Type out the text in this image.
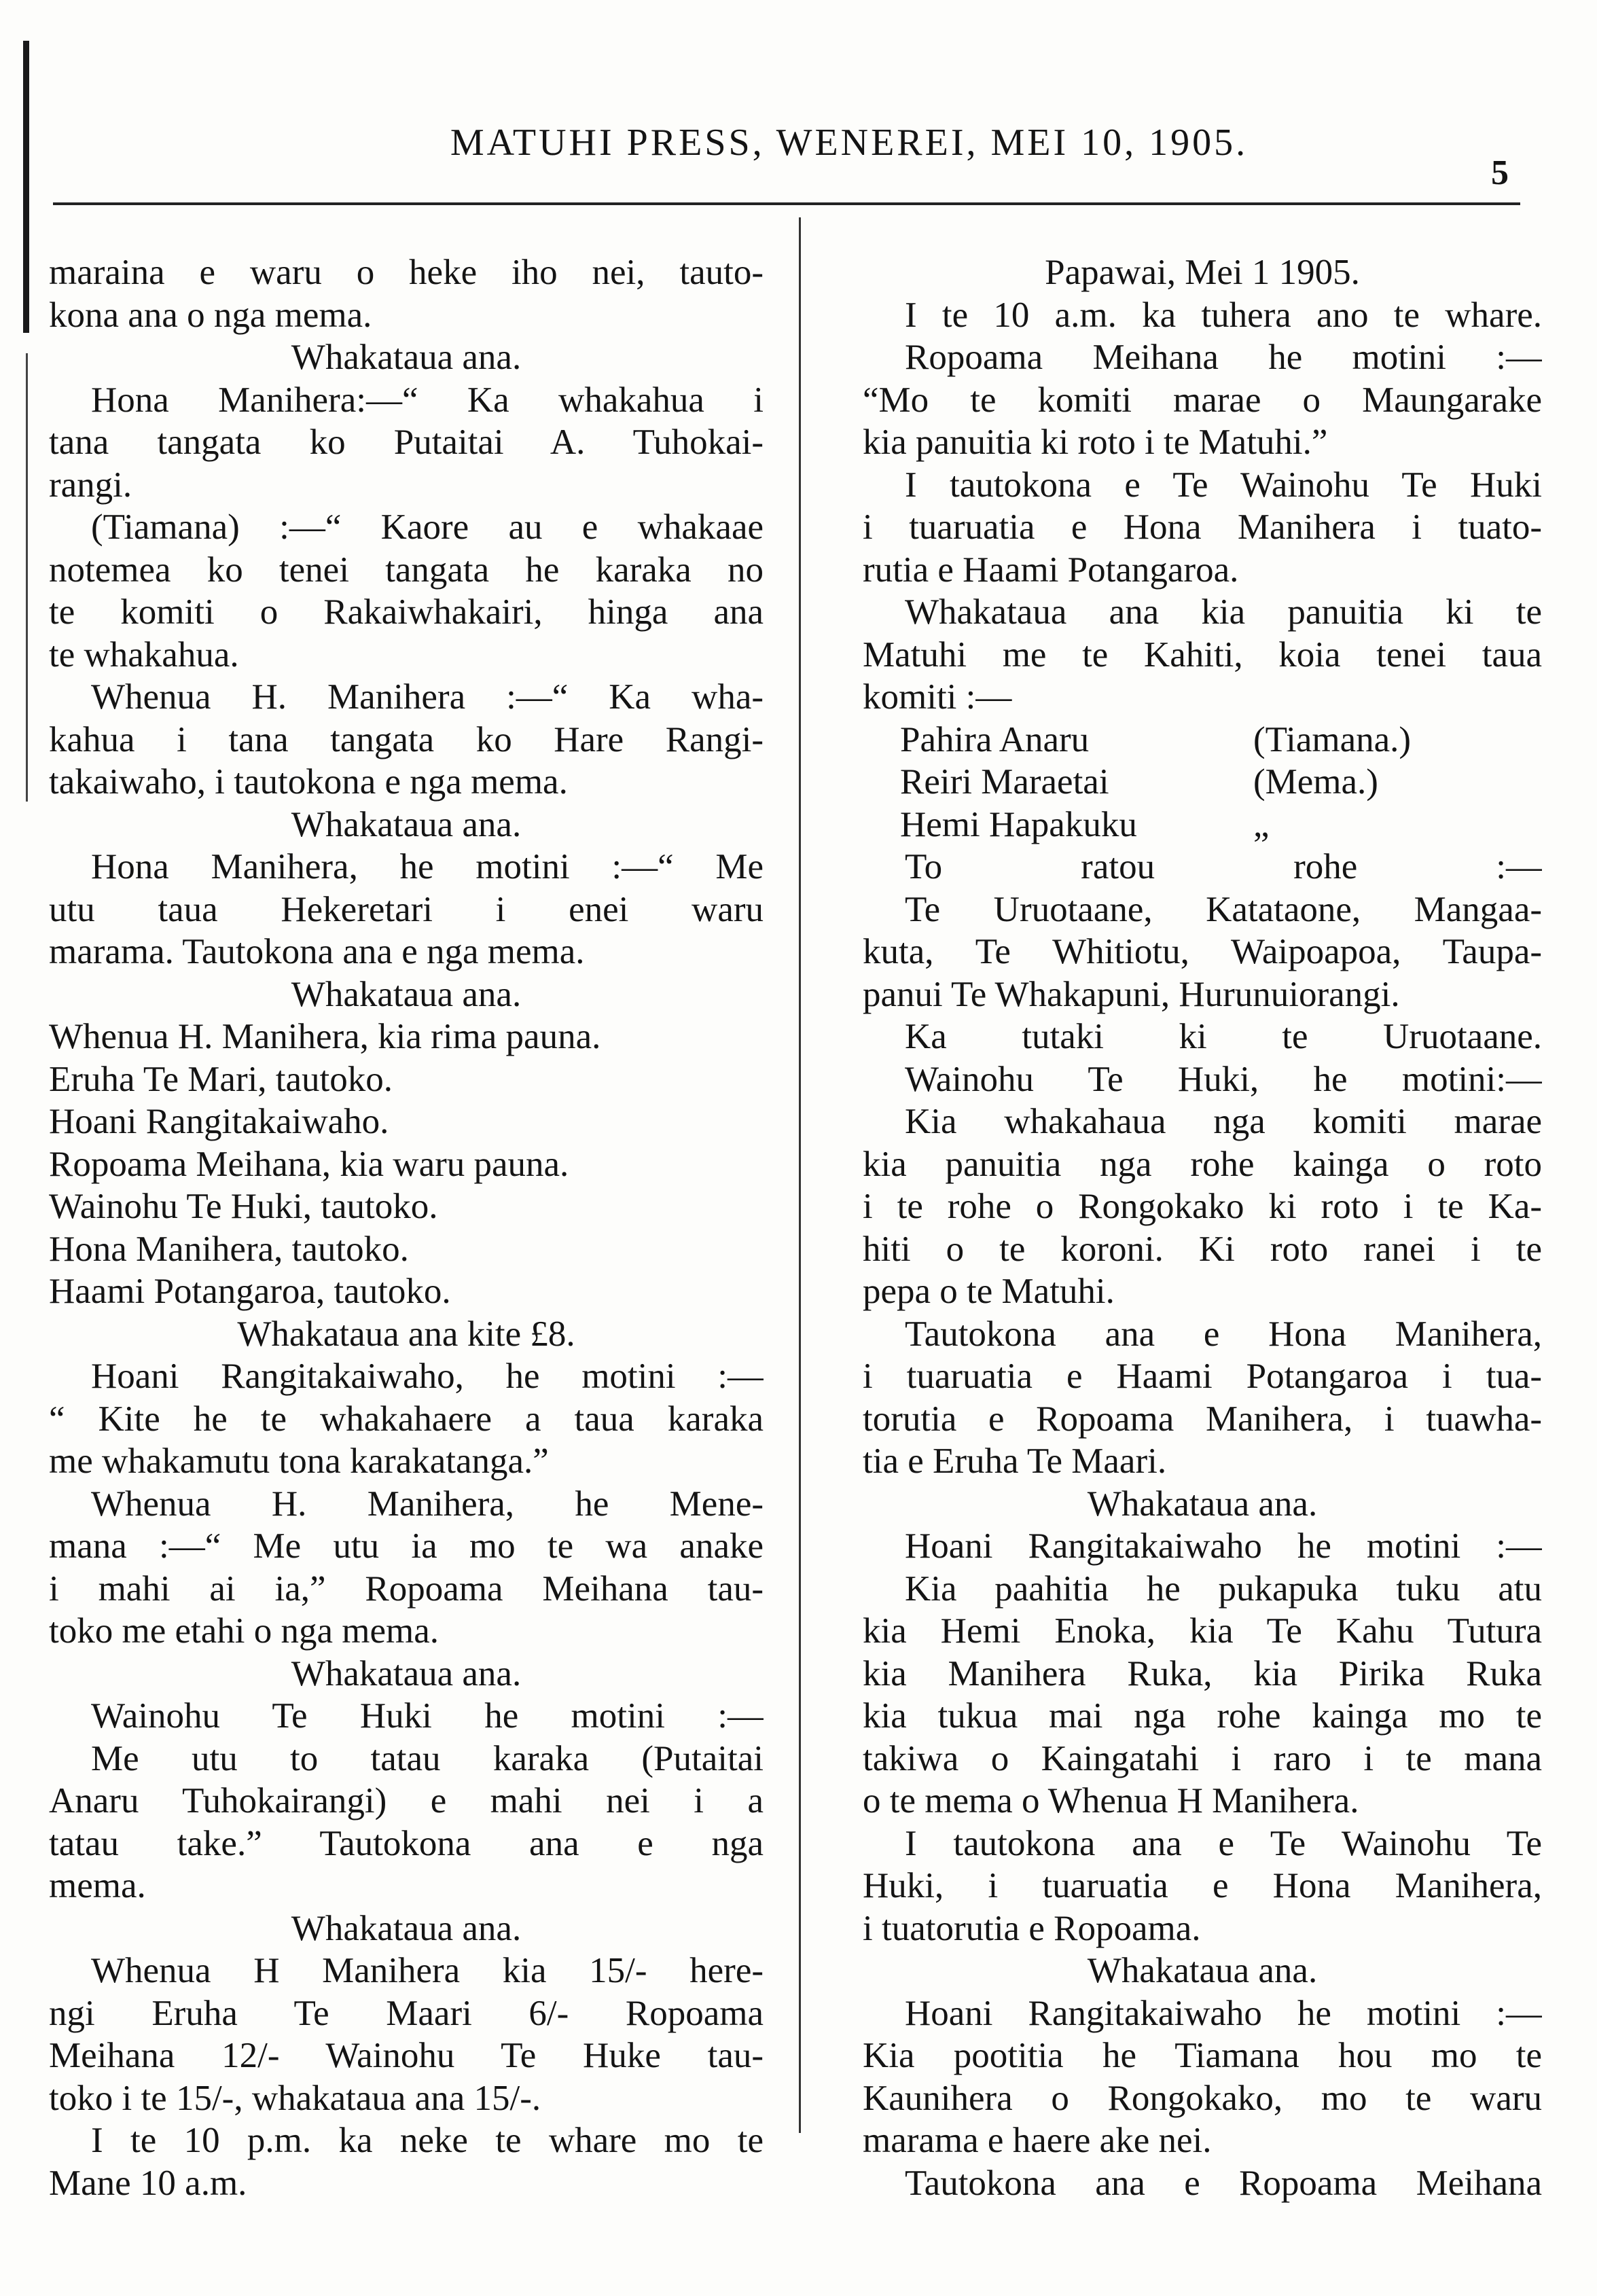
MATUHI PRESS, WENEREI, MEI 10, 1905.
5
maraina e waru o heke iho nei, tauto-
kona ana o nga mema.
Whakataua ana.
Hona Manihera:—“ Ka whakahua i
tana tangata ko Putaitai A. Tuhokai-
rangi.
(Tiamana) :—“ Kaore au e whakaae
notemea ko tenei tangata he karaka no
te komiti o Rakaiwhakairi, hinga ana
te whakahua.
Whenua H. Manihera :—“ Ka wha-
kahua i tana tangata ko Hare Rangi-
takaiwaho, i tautokona e nga mema.
Whakataua ana.
Hona Manihera, he motini :—“ Me
utu taua Hekeretari i enei waru
marama. Tautokona ana e nga mema.
Whakataua ana.
Whenua H. Manihera, kia rima pauna.
Eruha Te Mari, tautoko.
Hoani Rangitakaiwaho.
Ropoama Meihana, kia waru pauna.
Wainohu Te Huki, tautoko.
Hona Manihera, tautoko.
Haami Potangaroa, tautoko.
Whakataua ana kite £8.
Hoani Rangitakaiwaho, he motini :—
“ Kite he te whakahaere a taua karaka
me whakamutu tona karakatanga.”
Whenua H. Manihera, he Mene-
mana :—“ Me utu ia mo te wa anake
i mahi ai ia,” Ropoama Meihana tau-
toko me etahi o nga mema.
Whakataua ana.
Wainohu Te Huki he motini :—
Me utu to tatau karaka (Putaitai
Anaru Tuhokairangi) e mahi nei i a
tatau take.” Tautokona ana e nga
mema.
Whakataua ana.
Whenua H Manihera kia 15/- here-
ngi Eruha Te Maari 6/- Ropoama
Meihana 12/- Wainohu Te Huke tau-
toko i te 15/-, whakataua ana 15/-.
I te 10 p.m. ka neke te whare mo te
Mane 10 a.m.
Papawai, Mei 1 1905.
I te 10 a.m. ka tuhera ano te whare.
Ropoama Meihana he motini :—
“Mo te komiti marae o Maungarake
kia panuitia ki roto i te Matuhi.”
I tautokona e Te Wainohu Te Huki
i tuaruatia e Hona Manihera i tuato-
rutia e Haami Potangaroa.
Whakataua ana kia panuitia ki te
Matuhi me te Kahiti, koia tenei taua
komiti :—
Pahira Anaru	(Tiamana.)
Reiri Maraetai	(Mema.)
Hemi Hapakuku	„
To ratou rohe :—
Te Uruotaane, Katataone, Mangaa-
kuta, Te Whitiotu, Waipoapoa, Taupa-
panui Te Whakapuni, Hurunuiorangi.
Ka tutaki ki te Uruotaane.
Wainohu Te Huki, he motini:—
Kia whakahaua nga komiti marae
kia panuitia nga rohe kainga o roto
i te rohe o Rongokako ki roto i te Ka-
hiti o te koroni. Ki roto ranei i te
pepa o te Matuhi.
Tautokona ana e Hona Manihera,
i tuaruatia e Haami Potangaroa i tua-
torutia e Ropoama Manihera, i tuawha-
tia e Eruha Te Maari.
Whakataua ana.
Hoani Rangitakaiwaho he motini :—
Kia paahitia he pukapuka tuku atu
kia Hemi Enoka, kia Te Kahu Tutura
kia Manihera Ruka, kia Pirika Ruka
kia tukua mai nga rohe kainga mo te
takiwa o Kaingatahi i raro i te mana
o te mema o Whenua H Manihera.
I tautokona ana e Te Wainohu Te
Huki, i tuaruatia e Hona Manihera,
i tuatorutia e Ropoama.
Whakataua ana.
Hoani Rangitakaiwaho he motini :—
Kia pootitia he Tiamana hou mo te
Kaunihera o Rongokako, mo te waru
marama e haere ake nei.
Tautokona ana e Ropoama Meihana
